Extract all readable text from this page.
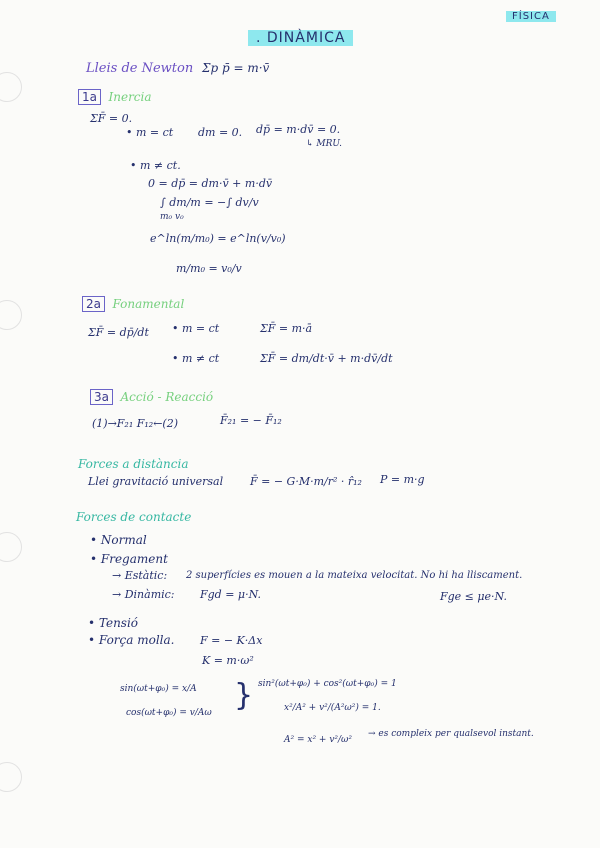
FÍSICA
. DINÀMICA
Lleis de Newton Σp p̄ = m·v̄
1a Inercia
ΣF̄ = 0.
• m = ct dm = 0. dp̄ = m·dv̄ = 0.
↳ MRU.
• m ≠ ct.
0 = dp̄ = dm·v̄ + m·dv̄
∫ dm/m = −∫ dv/v
m₀ v₀
e^ln(m/m₀) = e^ln(v/v₀)
m/m₀ = v₀/v
2a Fonamental
ΣF̄ = dp̄/dt • m = ct	ΣF̄ = m·ā
• m ≠ ct	ΣF̄ = dm/dt·v̄ + m·dv̄/dt
3a Acció - Reacció
(1)→F₂₁ F₁₂←(2)	F̄₂₁ = − F̄₁₂
Forces a distància
Llei gravitació universal F̄ = − G·M·m/r² · r̂₁₂ P = m·g
Forces de contacte
• Normal
• Fregament
→ Estàtic: 2 superfícies es mouen a la mateixa velocitat. No hi ha lliscament.
→ Dinàmic: Fgd = μ·N.	Fge ≤ μe·N.
• Tensió
• Força molla. F = − K·Δx
K = m·ω²
sin(ωt+φ₀) = x/A
cos(ωt+φ₀) = v/Aω } sin²(ωt+φ₀) + cos²(ωt+φ₀) = 1
x²/A² + v²/(A²ω²) = 1.
A² = x² + v²/ω²
→ es compleix per qualsevol instant.
